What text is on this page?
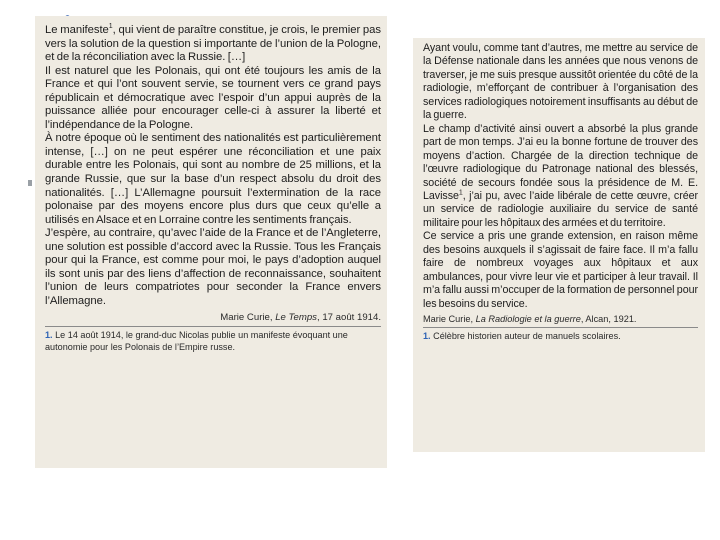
Le manifeste$^1$, qui vient de paraître constitue, je crois, le premier pas vers la solution de la question si importante de l’union de la Pologne, et de la réconciliation avec la Russie. […]

Il est naturel que les Polonais, qui ont été toujours les amis de la France et qui l’ont souvent servie, se tournent vers ce grand pays républicain et démocratique avec l’espoir d’un appui auprès de la puissance alliée pour encourager celle-ci à assurer la liberté et l’indépendance de la Pologne.

À notre époque où le sentiment des nationalités est particulièrement intense, […] on ne peut espérer une réconciliation et une paix durable entre les Polonais, qui sont au nombre de 25 millions, et la grande Russie, que sur la base d’un respect absolu du droit des nationalités. […] L’Allemagne poursuit l’extermination de la race polonaise par des moyens encore plus durs que ceux qu’elle a utilisés en Alsace et en Lorraine contre les sentiments français.

J’espère, au contraire, qu’avec l’aide de la France et de l’Angleterre, une solution est possible d’accord avec la Russie. Tous les Français pour qui la France, est comme pour moi, le pays d’adoption auquel ils sont unis par des liens d’affection de reconnaissance, souhaitent l’union de leurs compatriotes pour seconder la France envers l’Allemagne.

Marie Curie, Le Temps, 17 août 1914.

1. Le 14 août 1914, le grand-duc Nicolas publie un manifeste évoquant une autonomie pour les Polonais de l’Empire russe.

Ayant voulu, comme tant d’autres, me mettre au service de la Défense nationale dans les années que nous venons de traverser, je me suis presque aussitôt orientée du côté de la radiologie, m’efforçant de contribuer à l’organisation des services radiologiques notoirement insuffisants au début de la guerre.

Le champ d’activité ainsi ouvert a absorbé la plus grande part de mon temps. J’ai eu la bonne fortune de trouver des moyens d’action. Chargée de la direction technique de l’œuvre radiologique du Patronage national des blessés, société de secours fondée sous la présidence de M. E. Lavisse$^1$, j’ai pu, avec l’aide libérale de cette œuvre, créer un service de radiologie auxiliaire du service de santé militaire pour les hôpitaux des armées et du territoire.

Ce service a pris une grande extension, en raison même des besoins auxquels il s’agissait de faire face. Il m’a fallu faire de nombreux voyages aux hôpitaux et aux ambulances, pour vivre leur vie et participer à leur travail. Il m’a fallu aussi m’occuper de la formation de personnel pour les besoins du service.

Marie Curie, La Radiologie et la guerre, Alcan, 1921.

1. Célèbre historien auteur de manuels scolaires.
